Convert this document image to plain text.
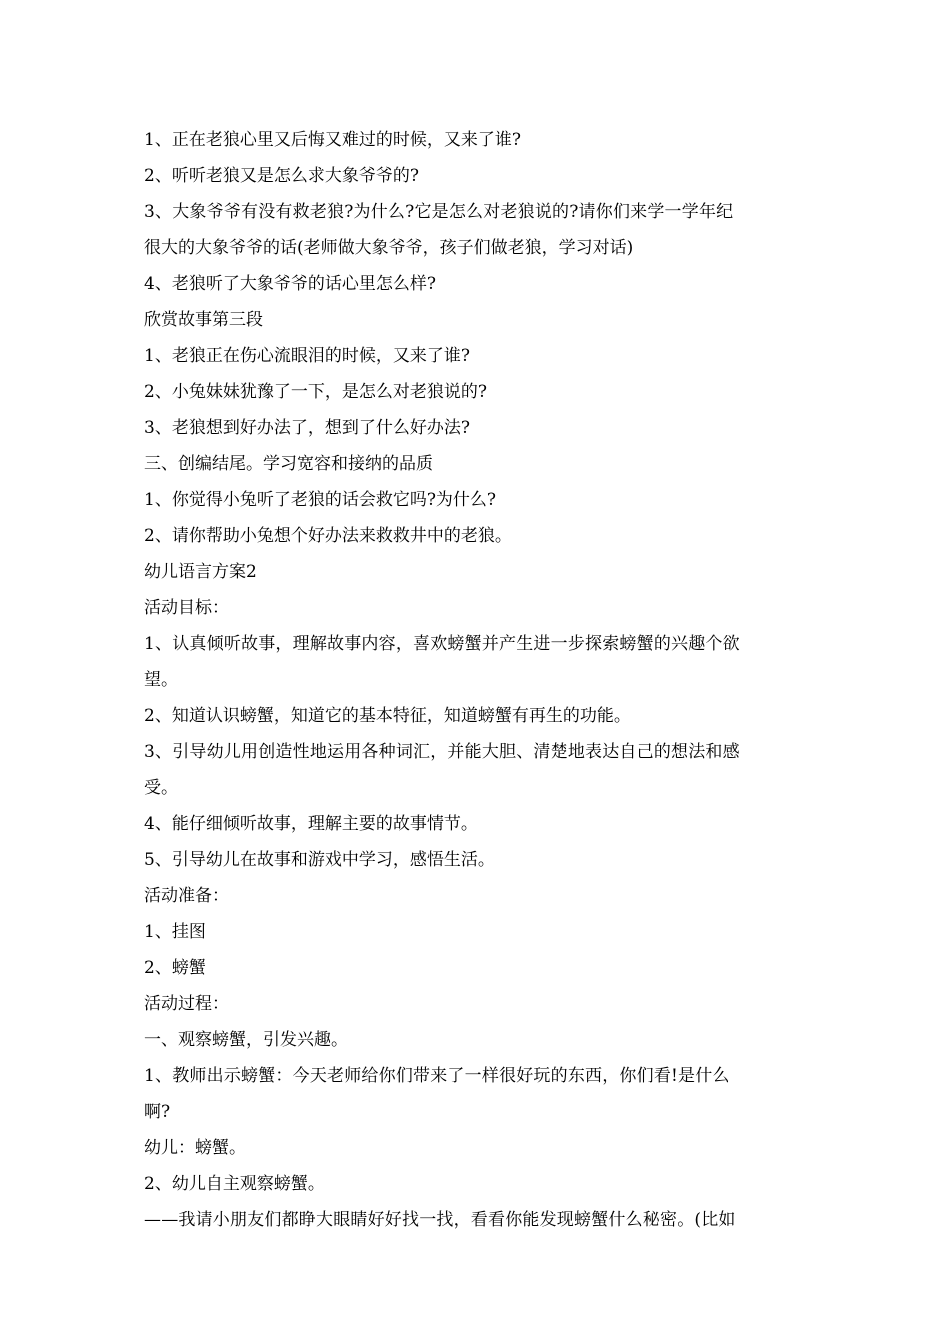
1、正在老狼心里又后悔又难过的时候，又来了谁?
2、听听老狼又是怎么求大象爷爷的?
3、大象爷爷有没有救老狼?为什么?它是怎么对老狼说的?请你们来学一学年纪
很大的大象爷爷的话(老师做大象爷爷，孩子们做老狼，学习对话)
4、老狼听了大象爷爷的话心里怎么样?
欣赏故事第三段
1、老狼正在伤心流眼泪的时候，又来了谁?
2、小兔妹妹犹豫了一下，是怎么对老狼说的?
3、老狼想到好办法了，想到了什么好办法?
三、创编结尾。学习宽容和接纳的品质
1、你觉得小兔听了老狼的话会救它吗?为什么?
2、请你帮助小兔想个好办法来救救井中的老狼。
幼儿语言方案2
活动目标：
1、认真倾听故事，理解故事内容，喜欢螃蟹并产生进一步探索螃蟹的兴趣个欲
望。
2、知道认识螃蟹，知道它的基本特征，知道螃蟹有再生的功能。
3、引导幼儿用创造性地运用各种词汇，并能大胆、清楚地表达自己的想法和感
受。
4、能仔细倾听故事，理解主要的故事情节。
5、引导幼儿在故事和游戏中学习，感悟生活。
活动准备：
1、挂图
2、螃蟹
活动过程：
一、观察螃蟹，引发兴趣。
1、教师出示螃蟹：今天老师给你们带来了一样很好玩的东西，你们看!是什么
啊?
幼儿：螃蟹。
2、幼儿自主观察螃蟹。
——我请小朋友们都睁大眼睛好好找一找，看看你能发现螃蟹什么秘密。(比如
